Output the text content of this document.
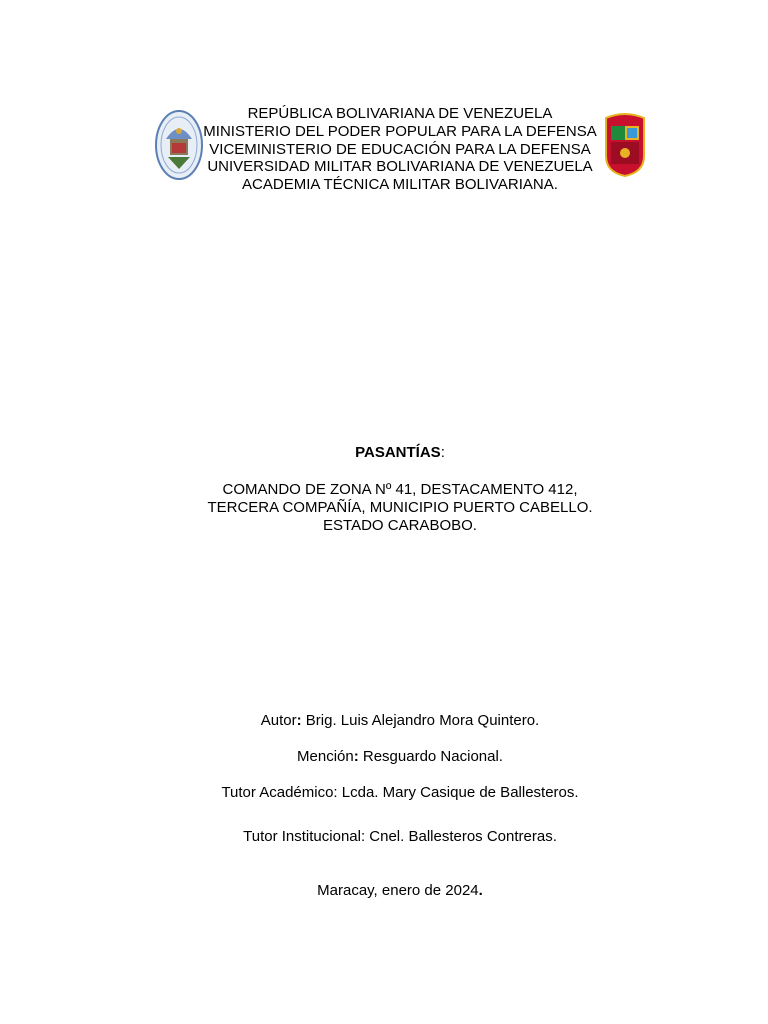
REPÚBLICA BOLIVARIANA DE VENEZUELA
MINISTERIO DEL PODER POPULAR PARA LA DEFENSA
VICEMINISTERIO DE EDUCACIÓN PARA LA DEFENSA
UNIVERSIDAD MILITAR BOLIVARIANA DE VENEZUELA
ACADEMIA TÉCNICA MILITAR BOLIVARIANA.
PASANTÍAS:
COMANDO DE ZONA Nº 41, DESTACAMENTO 412,
TERCERA COMPAÑÍA, MUNICIPIO PUERTO CABELLO.
ESTADO CARABOBO.
Autor: Brig. Luis Alejandro Mora Quintero.
Mención: Resguardo Nacional.
Tutor Académico: Lcda. Mary Casique de Ballesteros.
Tutor Institucional: Cnel. Ballesteros Contreras.
Maracay, enero de 2024.
